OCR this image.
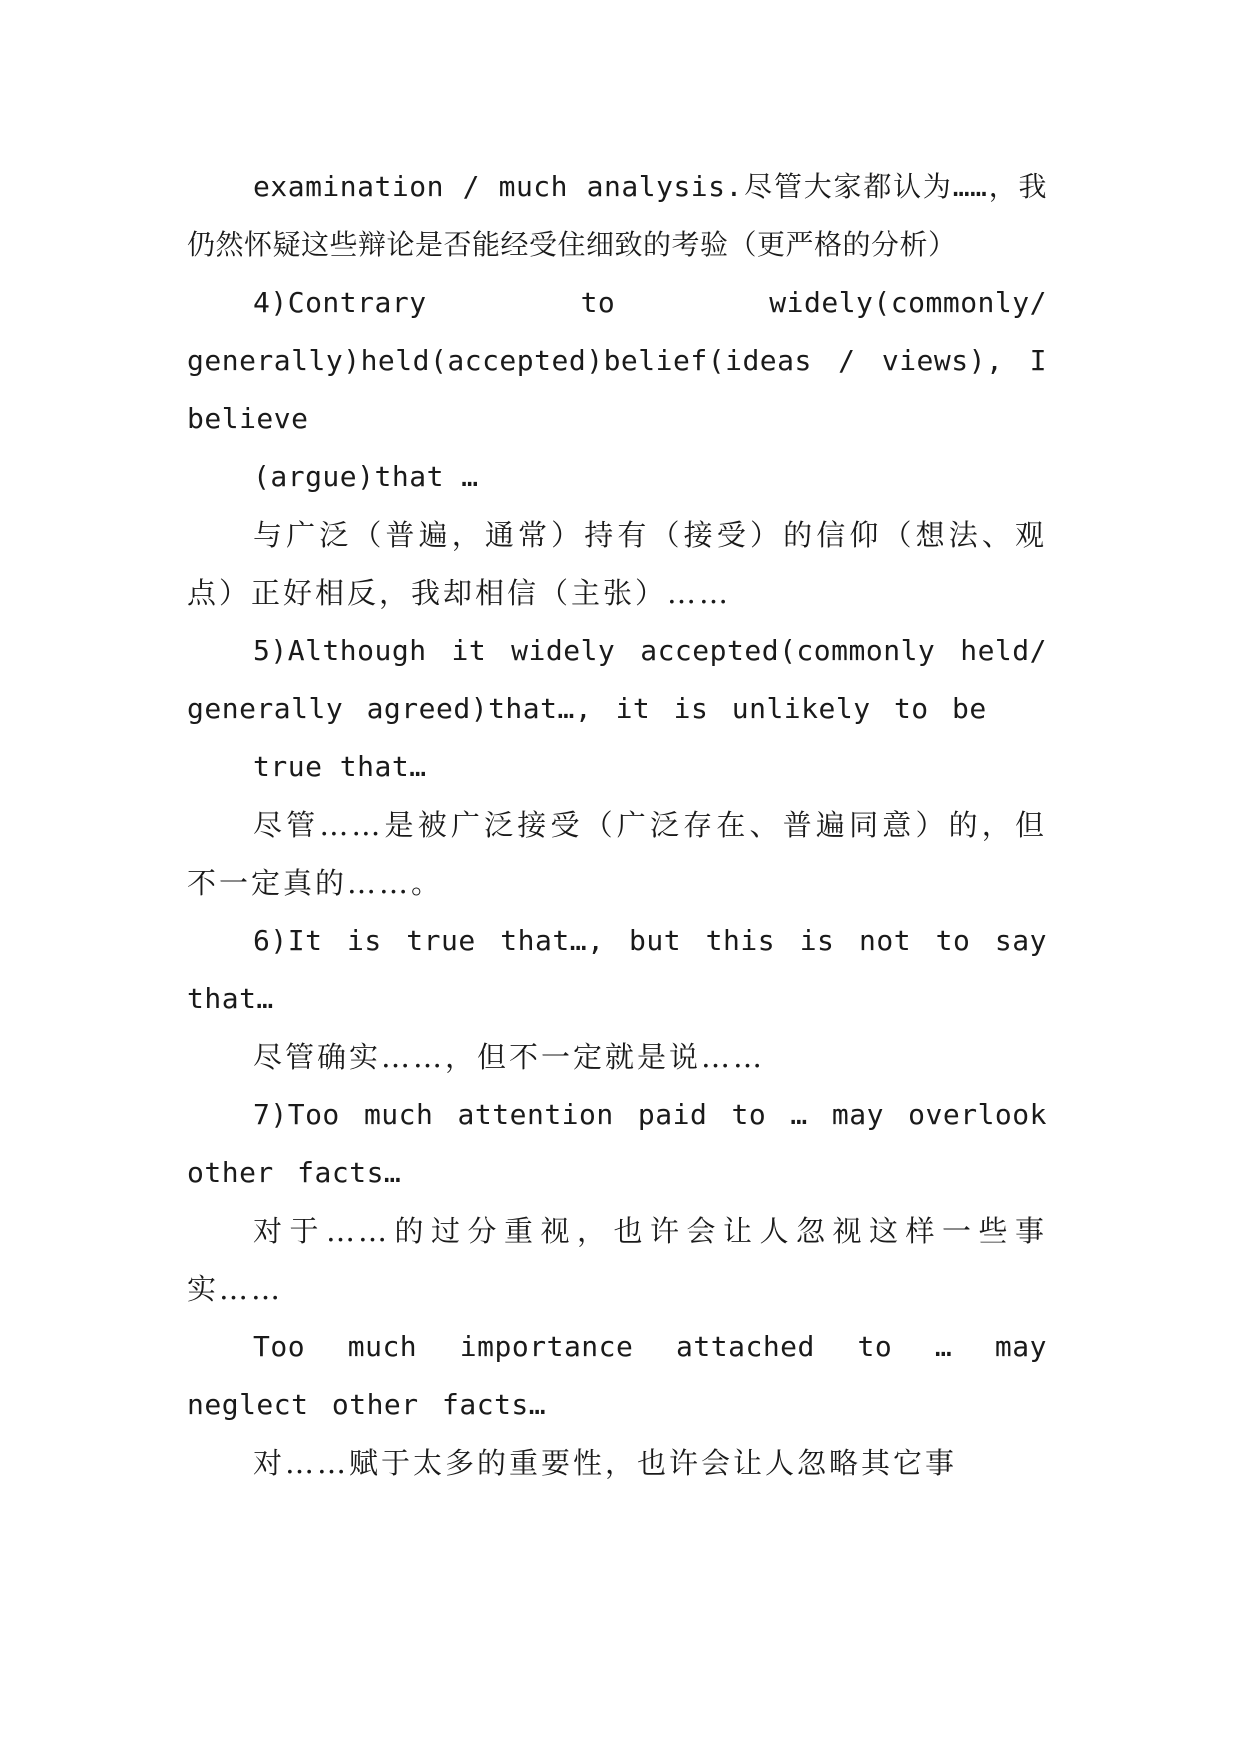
examination / much analysis.尽管大家都认为……，我仍然怀疑这些辩论是否能经受住细致的考验（更严格的分析）

4)Contrary to widely(commonly/ generally)held(accepted)belief(ideas / views), I believe

(argue)that …

与广泛（普遍，通常）持有（接受）的信仰（想法、观点）正好相反，我却相信（主张）……

5)Although it widely accepted(commonly held/ generally agreed)that…, it is unlikely to be

true that…

尽管……是被广泛接受（广泛存在、普遍同意）的，但不一定真的……。

6)It is true that…, but this is not to say that…

尽管确实……，但不一定就是说……

7)Too much attention paid to … may overlook other facts…

对于……的过分重视，也许会让人忽视这样一些事实……

Too much importance attached to … may neglect other facts…

对……赋于太多的重要性，也许会让人忽略其它事
